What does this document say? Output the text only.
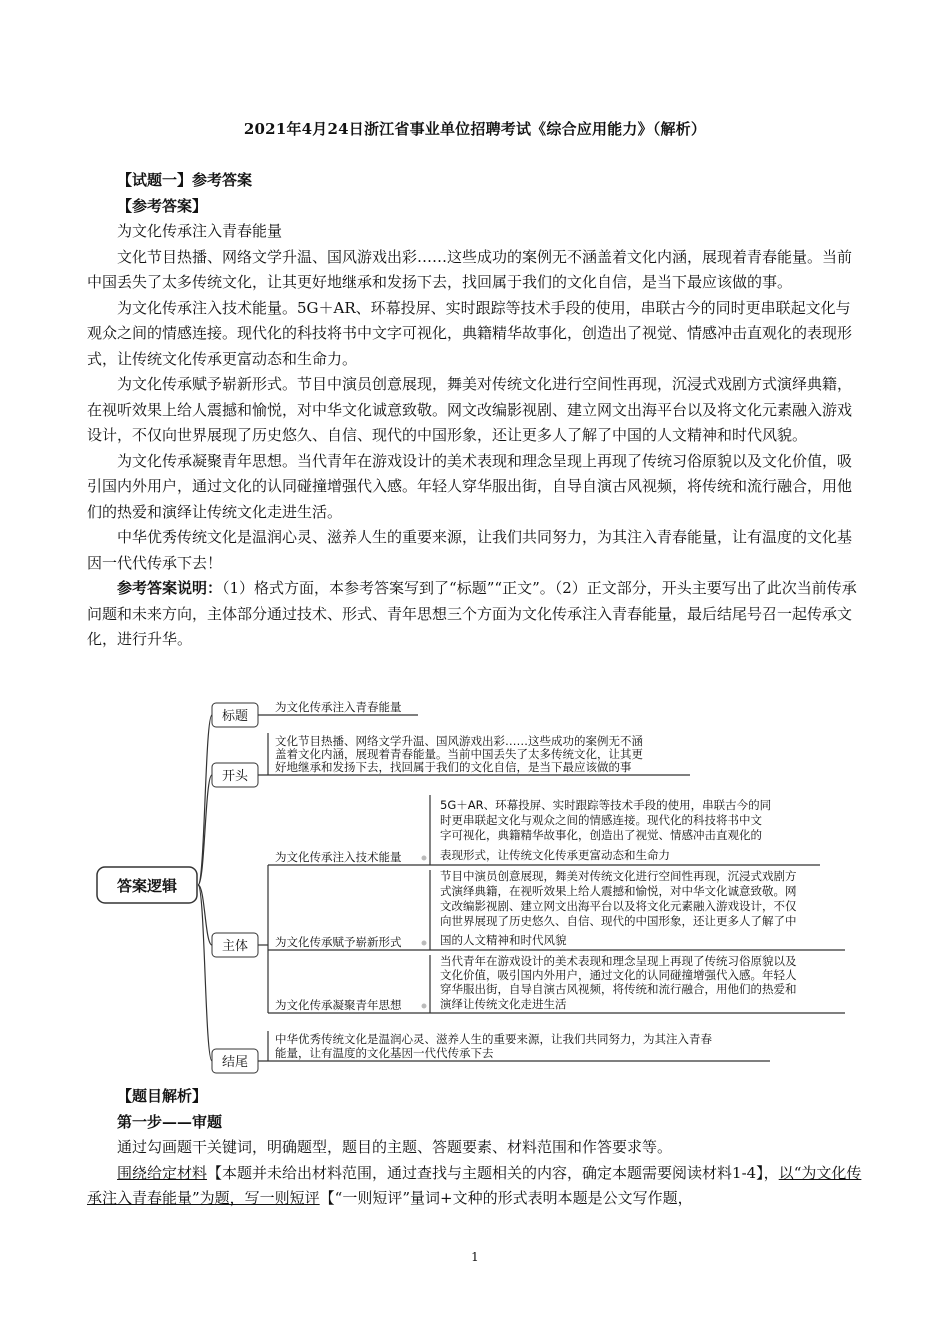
2021年4月24日浙江省事业单位招聘考试《综合应用能力》（解析）

【试题一】参考答案

【参考答案】

为文化传承注入青春能量

文化节目热播、网络文学升温、国风游戏出彩……这些成功的案例无不涵盖着文化内涵，展现着青春能量。当前中国丢失了太多传统文化，让其更好地继承和发扬下去，找回属于我们的文化自信，是当下最应该做的事。

为文化传承注入技术能量。5G＋AR、环幕投屏、实时跟踪等技术手段的使用，串联古今的同时更串联起文化与观众之间的情感连接。现代化的科技将书中文字可视化，典籍精华故事化，创造出了视觉、情感冲击直观化的表现形式，让传统文化传承更富动态和生命力。

为文化传承赋予崭新形式。节目中演员创意展现，舞美对传统文化进行空间性再现，沉浸式戏剧方式演绎典籍，在视听效果上给人震撼和愉悦，对中华文化诚意致敬。网文改编影视剧、建立网文出海平台以及将文化元素融入游戏设计，不仅向世界展现了历史悠久、自信、现代的中国形象，还让更多人了解了中国的人文精神和时代风貌。

为文化传承凝聚青年思想。当代青年在游戏设计的美术表现和理念呈现上再现了传统习俗原貌以及文化价值，吸引国内外用户，通过文化的认同碰撞增强代入感。年轻人穿华服出街，自导自演古风视频，将传统和流行融合，用他们的热爱和演绎让传统文化走进生活。

中华优秀传统文化是温润心灵、滋养人生的重要来源，让我们共同努力，为其注入青春能量，让有温度的文化基因一代代传承下去！

参考答案说明：（1）格式方面，本参考答案写到了“标题”“正文”。（2）正文部分，开头主要写出了此次当前传承问题和未来方向，主体部分通过技术、形式、青年思想三个方面为文化传承注入青春能量，最后结尾号召一起传承文化，进行升华。

答案逻辑
标题
开头
主体
结尾
为文化传承注入青春能量
文化节目热播、网络文学升温、国风游戏出彩……这些成功的案例无不涵
盖着文化内涵，展现着青春能量。当前中国丢失了太多传统文化，让其更
好地继承和发扬下去，找回属于我们的文化自信，是当下最应该做的事
为文化传承注入技术能量
为文化传承赋予崭新形式
为文化传承凝聚青年思想
5G＋AR、环幕投屏、实时跟踪等技术手段的使用，串联古今的同
时更串联起文化与观众之间的情感连接。现代化的科技将书中文
字可视化，典籍精华故事化，创造出了视觉、情感冲击直观化的
表现形式，让传统文化传承更富动态和生命力
节目中演员创意展现，舞美对传统文化进行空间性再现，沉浸式戏剧方
式演绎典籍，在视听效果上给人震撼和愉悦，对中华文化诚意致敬。网
文改编影视剧、建立网文出海平台以及将文化元素融入游戏设计，不仅
向世界展现了历史悠久、自信、现代的中国形象，还让更多人了解了中
国的人文精神和时代风貌
当代青年在游戏设计的美术表现和理念呈现上再现了传统习俗原貌以及
文化价值，吸引国内外用户，通过文化的认同碰撞增强代入感。年轻人
穿华服出街，自导自演古风视频，将传统和流行融合，用他们的热爱和
演绎让传统文化走进生活
中华优秀传统文化是温润心灵、滋养人生的重要来源，让我们共同努力，为其注入青春
能量，让有温度的文化基因一代代传承下去

【题目解析】

第一步——审题

通过勾画题干关键词，明确题型，题目的主题、答题要素、材料范围和作答要求等。

围绕给定材料【本题并未给出材料范围，通过查找与主题相关的内容，确定本题需要阅读材料1-4】，以“为文化传承注入青春能量”为题，写一则短评【“一则短评”量词+文种的形式表明本题是公文写作题，

1
